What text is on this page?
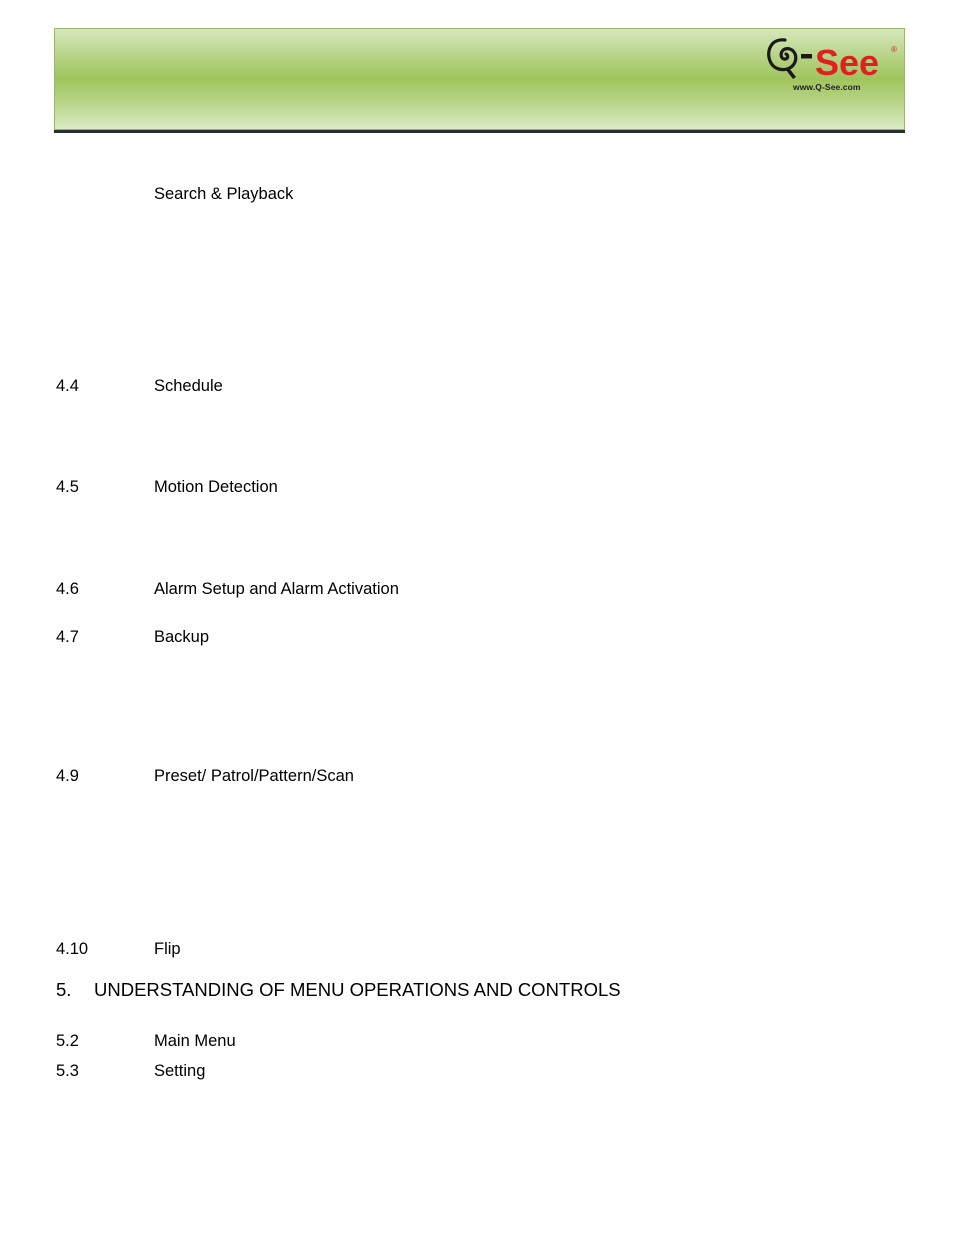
See ®
www.Q-See.com
Search & Playback
4.4	Schedule
4.5	Motion Detection
4.6	Alarm Setup and Alarm Activation
4.7	Backup
4.9	Preset/ Patrol/Pattern/Scan
4.10	Flip
5. UNDERSTANDING OF MENU OPERATIONS AND CONTROLS
5.2	Main Menu
5.3	Setting
